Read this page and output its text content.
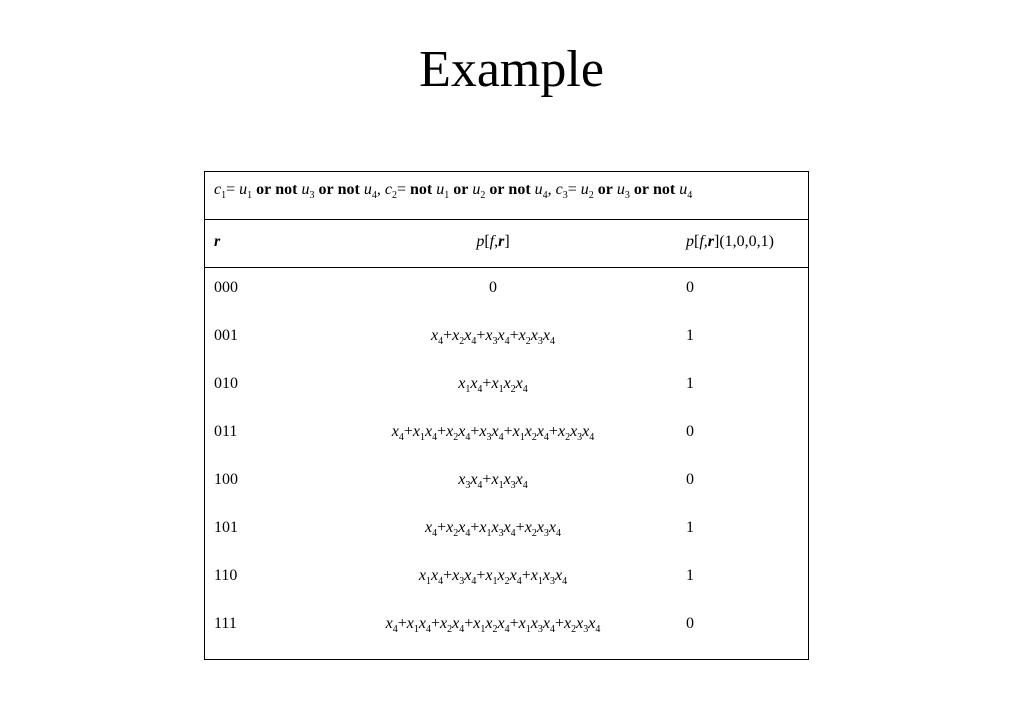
Example
$c_1= u_1$ or not $u_3$ or not $u_4$, $c_2=$ not $u_1$ or $u_2$ or not $u_4$, $c_3= u_2$ or $u_3$ or not $u_4$
r	p[f,r]	p[f,r](1,0,0,1)
000	0	0
001	$x_4+x_2x_4+x_3x_4+x_2x_3x_4$	1
010	$x_1x_4+x_1x_2x_4$	1
011	$x_4+x_1x_4+x_2x_4+x_3x_4+x_1x_2x_4+x_2x_3x_4$	0
100	$x_3x_4+x_1x_3x_4$	0
101	$x_4+x_2x_4+x_1x_3x_4+x_2x_3x_4$	1
110	$x_1x_4+x_3x_4+x_1x_2x_4+x_1x_3x_4$	1
111	$x_4+x_1x_4+x_2x_4+x_1x_2x_4+x_1x_3x_4+x_2x_3x_4$	0
